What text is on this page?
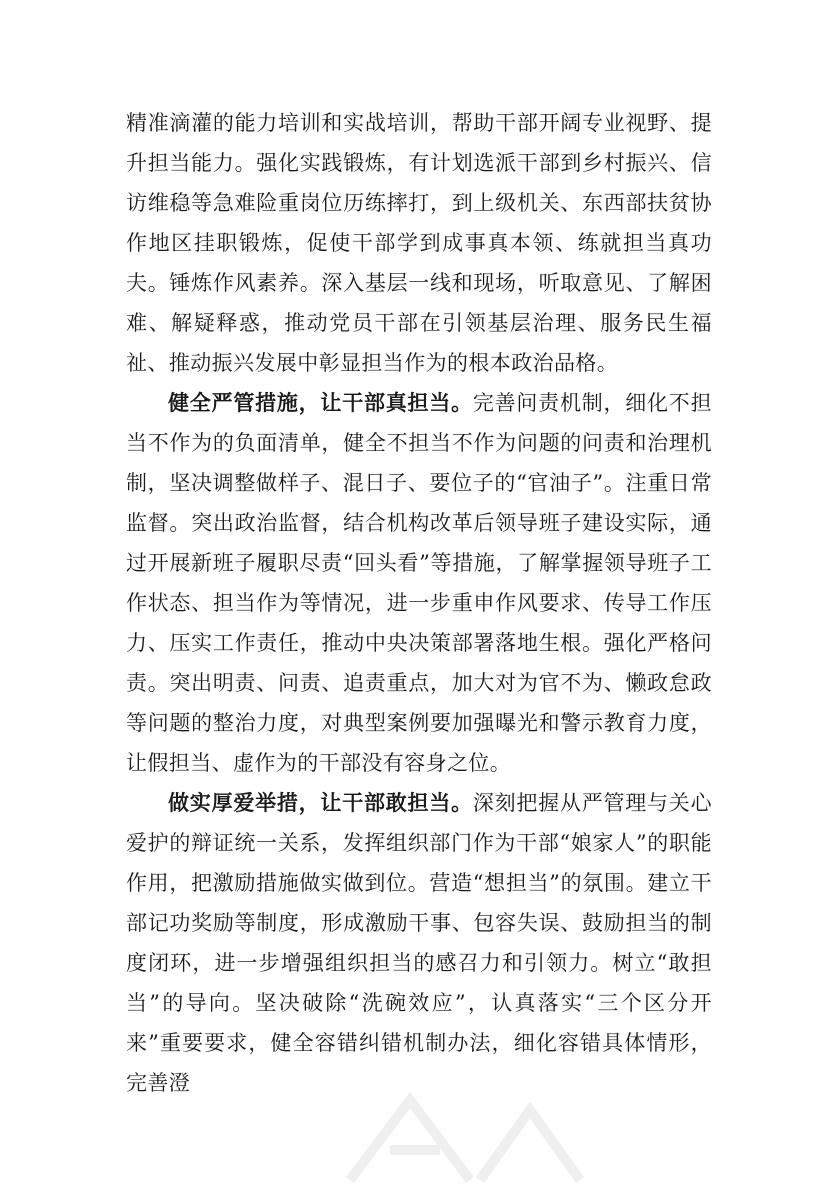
精准滴灌的能力培训和实战培训，帮助干部开阔专业视野、提升担当能力。强化实践锻炼，有计划选派干部到乡村振兴、信访维稳等急难险重岗位历练摔打，到上级机关、东西部扶贫协作地区挂职锻炼，促使干部学到成事真本领、练就担当真功夫。锤炼作风素养。深入基层一线和现场，听取意见、了解困难、解疑释惑，推动党员干部在引领基层治理、服务民生福祉、推动振兴发展中彰显担当作为的根本政治品格。

健全严管措施，让干部真担当。完善问责机制，细化不担当不作为的负面清单，健全不担当不作为问题的问责和治理机制，坚决调整做样子、混日子、要位子的“官油子”。注重日常监督。突出政治监督，结合机构改革后领导班子建设实际，通过开展新班子履职尽责“回头看”等措施，了解掌握领导班子工作状态、担当作为等情况，进一步重申作风要求、传导工作压力、压实工作责任，推动中央决策部署落地生根。强化严格问责。突出明责、问责、追责重点，加大对为官不为、懒政怠政等问题的整治力度，对典型案例要加强曝光和警示教育力度，让假担当、虚作为的干部没有容身之位。

做实厚爱举措，让干部敢担当。深刻把握从严管理与关心爱护的辩证统一关系，发挥组织部门作为干部“娘家人”的职能作用，把激励措施做实做到位。营造“想担当”的氛围。建立干部记功奖励等制度，形成激励干事、包容失误、鼓励担当的制度闭环，进一步增强组织担当的感召力和引领力。树立“敢担当”的导向。坚决破除“洗碗效应”，认真落实“三个区分开来”重要要求，健全容错纠错机制办法，细化容错具体情形，完善澄
